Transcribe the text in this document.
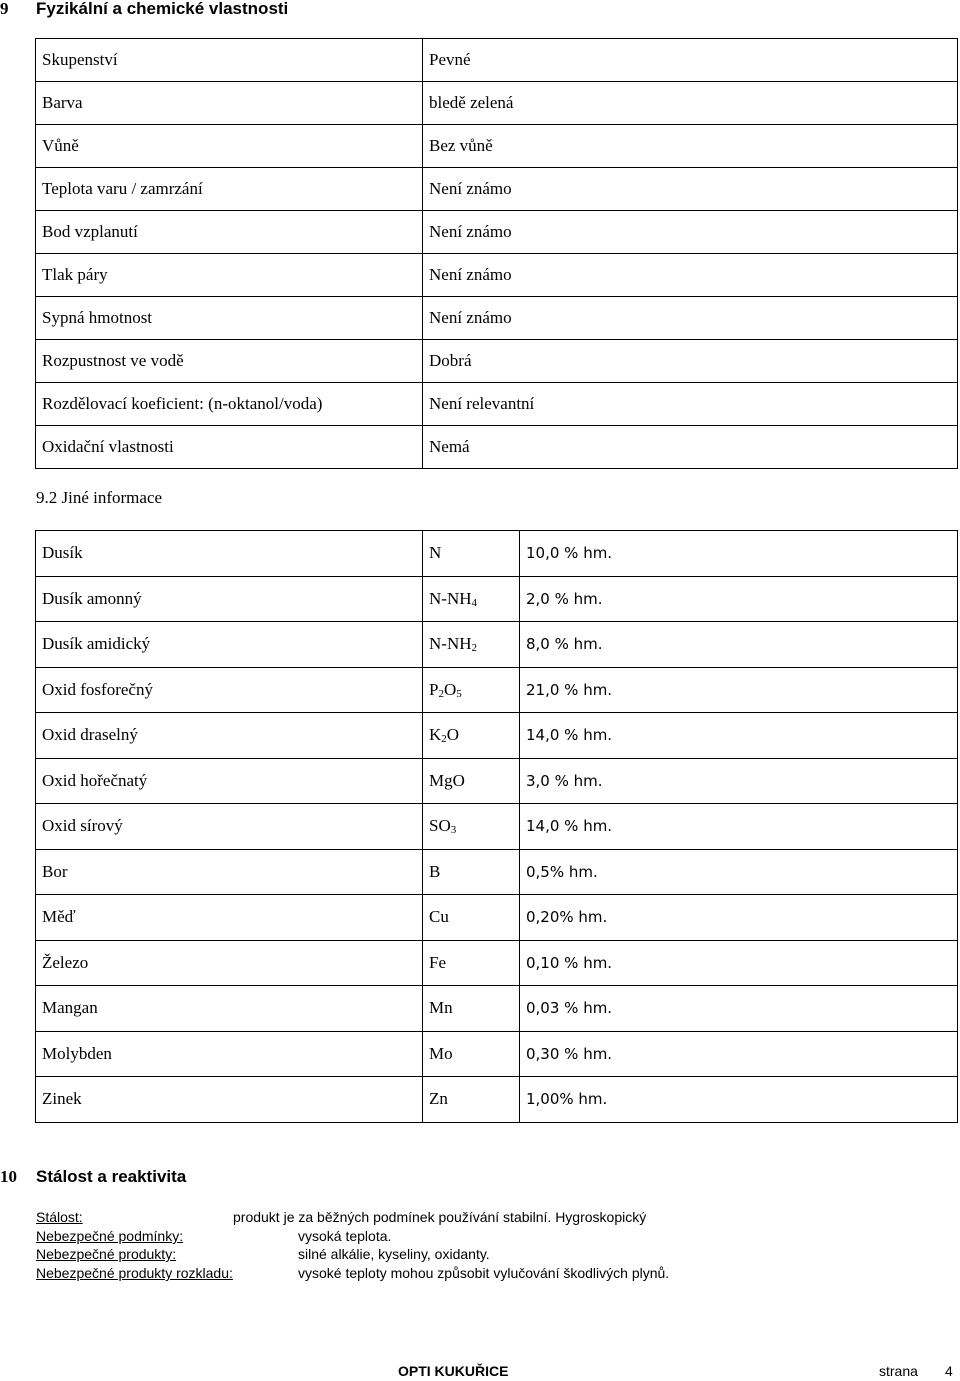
9 Fyzikální a chemické vlastnosti
Skupenství	Pevné
Barva	bledě zelená
Vůně	Bez vůně
Teplota varu / zamrzání	Není známo
Bod vzplanutí	Není známo
Tlak páry	Není známo
Sypná hmotnost	Není známo
Rozpustnost ve vodě	Dobrá
Rozdělovací koeficient: (n-oktanol/voda)	Není relevantní
Oxidační vlastnosti	Nemá
9.2 Jiné informace
Dusík	N	10,0 % hm.
Dusík amonný	$N-NH_4$	2,0 % hm.
Dusík amidický	$N-NH_2$	8,0 % hm.
Oxid fosforečný	$P_2O_5$	21,0 % hm.
Oxid draselný	$K_2O$	14,0 % hm.
Oxid hořečnatý	MgO	3,0 % hm.
Oxid sírový	$SO_3$	14,0 % hm.
Bor	B	0,5% hm.
Měď	Cu	0,20% hm.
Železo	Fe	0,10 % hm.
Mangan	Mn	0,03 % hm.
Molybden	Mo	0,30 % hm.
Zinek	Zn	1,00% hm.
10 Stálost a reaktivita
Stálost:	produkt je za běžných podmínek používání stabilní. Hygroskopický
Nebezpečné podmínky:	vysoká teplota.
Nebezpečné produkty:	silné alkálie, kyseliny, oxidanty.
Nebezpečné produkty rozkladu:	vysoké teploty mohou způsobit vylučování škodlivých plynů.
OPTI KUKUŘICE	strana 4
